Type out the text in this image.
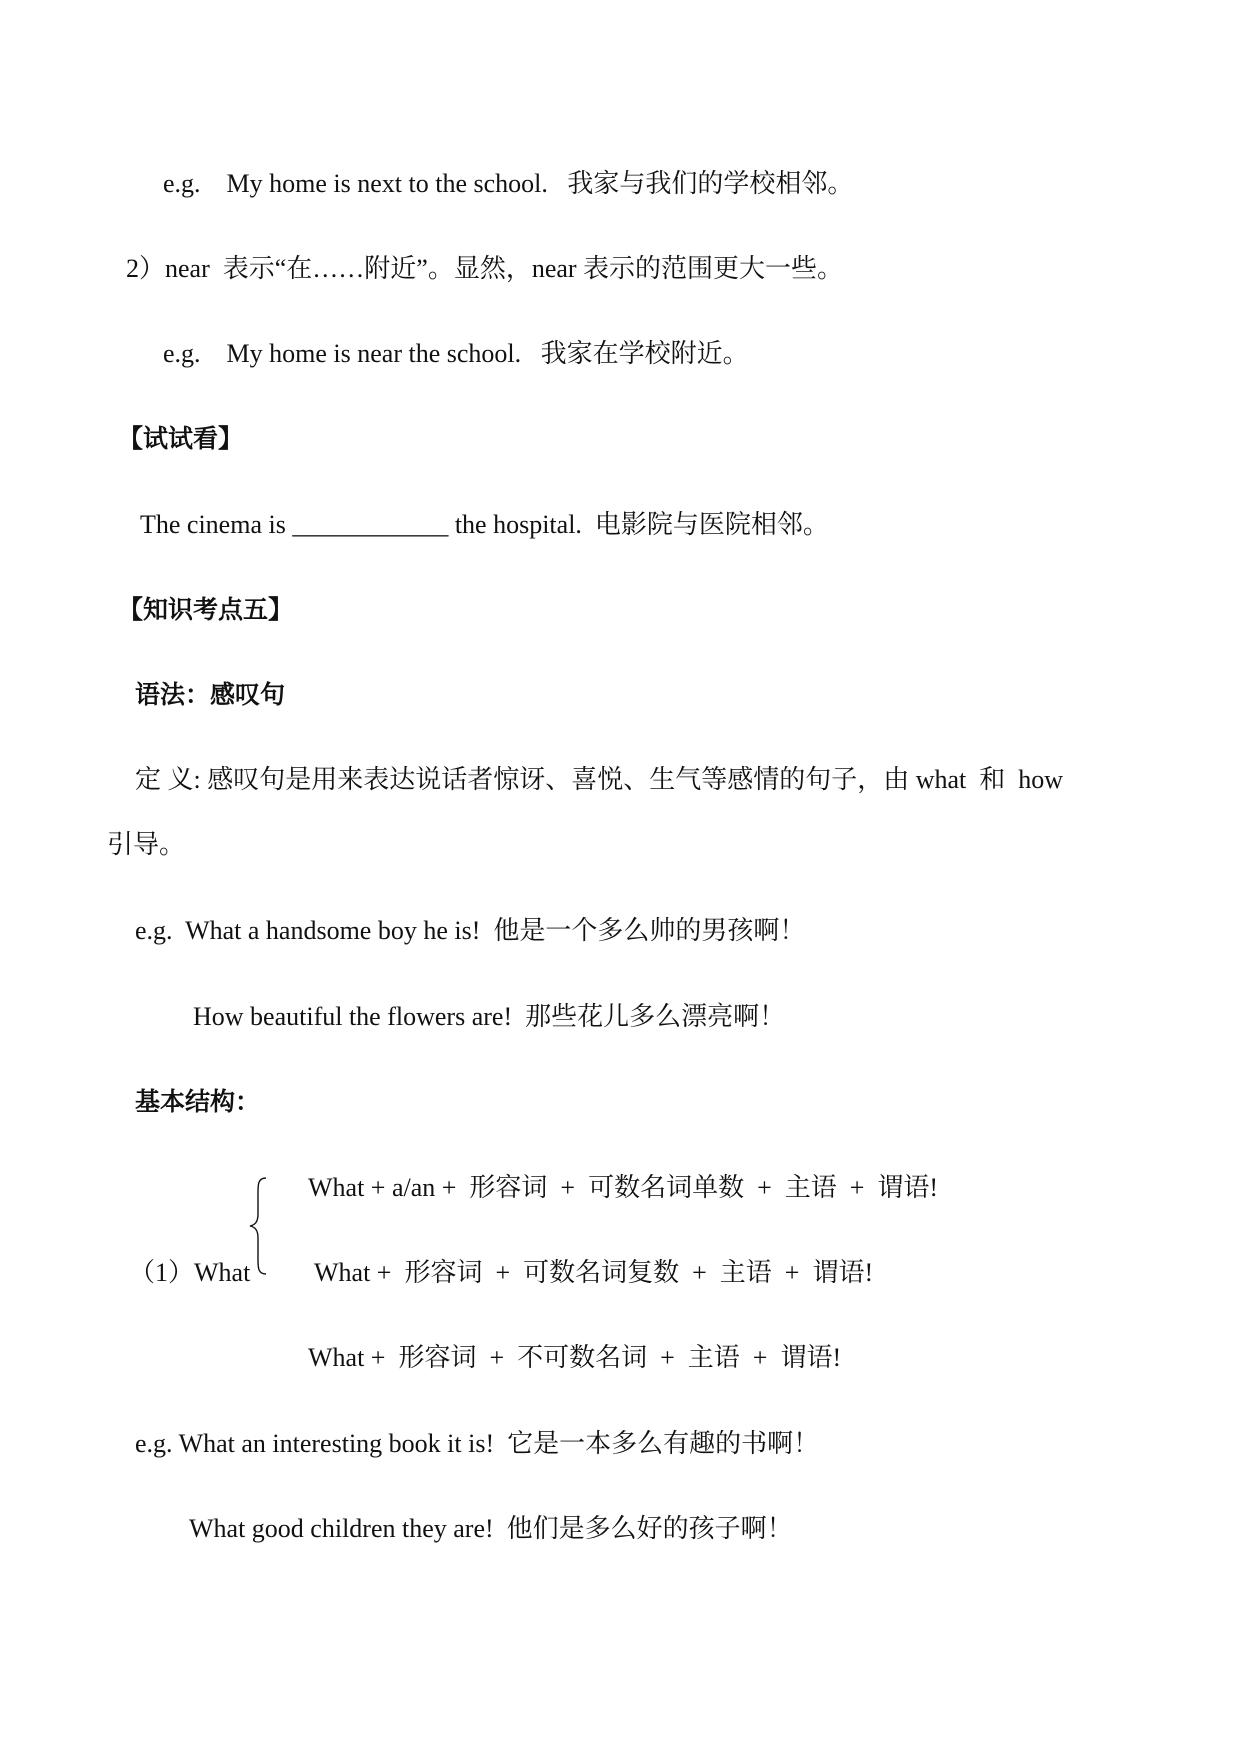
e.g.    My home is next to the school.   我家与我们的学校相邻。
2）near  表示“在……附近”。显然，near 表示的范围更大一些。
e.g.    My home is near the school.   我家在学校附近。
【试试看】
The cinema is ____________ the hospital.  电影院与医院相邻。
【知识考点五】
语法：感叹句
定 义: 感叹句是用来表达说话者惊讶、喜悦、生气等感情的句子，由 what  和  how
引导。
e.g.  What a handsome boy he is!  他是一个多么帅的男孩啊！
How beautiful the flowers are!  那些花儿多么漂亮啊！
基本结构：
What + a/an +  形容词  +  可数名词单数  +  主语  +  谓语!
（1）What What +  形容词  +  可数名词复数  +  主语  +  谓语!
What +  形容词  +  不可数名词  +  主语  +  谓语!
e.g. What an interesting book it is!  它是一本多么有趣的书啊！
What good children they are!  他们是多么好的孩子啊！
